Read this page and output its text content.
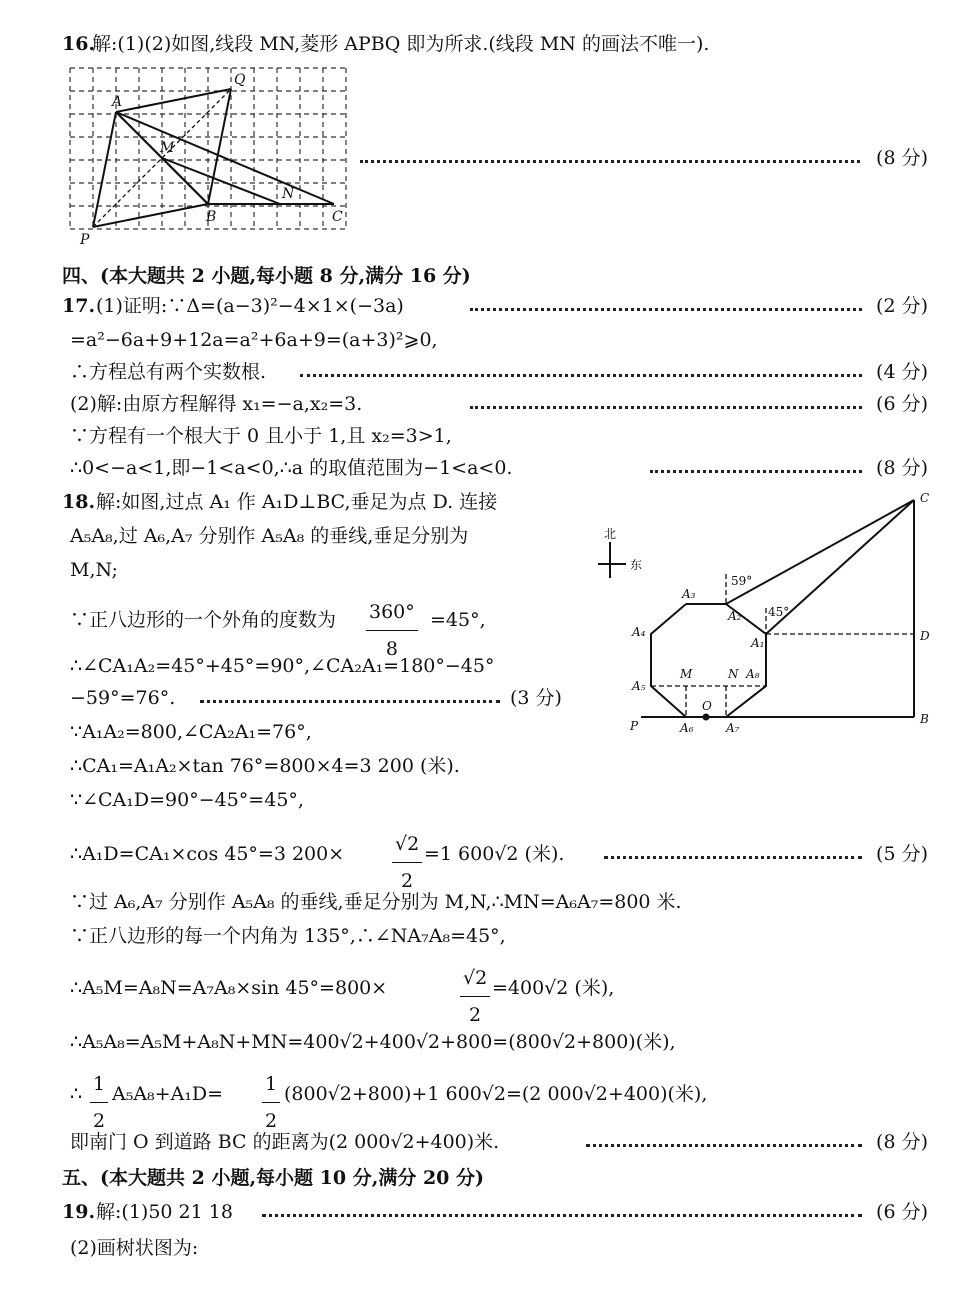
16.
解:(1)(2)如图,线段 MN,菱形 APBQ 即为所求.(线段 MN 的画法不唯一).
A
Q
M
N
B	C
P
(8 分)
四、(本大题共 2 小题,每小题 8 分,满分 16 分)
17. (1)证明:∵Δ=(a−3)²−4×1×(−3a)	(2 分)
=a²−6a+9+12a=a²+6a+9=(a+3)²⩾0,
∴方程总有两个实数根.	(4 分)
(2)解:由原方程解得 x₁=−a,x₂=3.	(6 分)
∵方程有一个根大于 0 且小于 1,且 x₂=3>1,
∴0<−a<1,即−1<a<0,∴a 的取值范围为−1<a<0.	(8 分)
北
东
59°
45°
C
A₁
A₂
A₃
A₄
A₅
A₆	A₇
A₈
M	N
O
D
B
P
18. 解:如图,过点 A₁ 作 A₁D⊥BC,垂足为点 D. 连接
A₅A₈,过 A₆,A₇ 分别作 A₅A₈ 的垂线,垂足分别为
M,N;
∵正八边形的一个外角的度数为 $\frac{360^\circ}{8} =45^\circ$,
∴∠CA₁A₂=45°+45°=90°,∠CA₂A₁=180°−45°
−59°=76°.	(3 分)
∵A₁A₂=800,∠CA₂A₁=76°,
∴CA₁=A₁A₂×tan 76°=800×4=3 200 (米).
∵∠CA₁D=90°−45°=45°,
∴A₁D=CA₁×cos 45°=3 200×	$\frac{√2}{2} =1$ 600√2 (米).	(5 分)
∵过 A₆,A₇ 分别作 A₅A₈ 的垂线,垂足分别为 M,N,∴MN=A₆A₇=800 米.
∵正八边形的每一个内角为 135°,∴∠NA₇A₈=45°,
∴A₅M=A₈N=A₇A₈×sin 45°=800×	$\frac{√2}{2} =400√2$ (米),
∴A₅A₈=A₅M+A₈N+MN=400√2+400√2+800=(800√2+800)(米),
∴ $\frac{1}{2} A_5A_8+A_1D= \frac{1}{2} (800√2+800)+1$ 600√2=(2 000√2+400)(米),
即南门 O 到道路 BC 的距离为(2 000√2+400)米.	(8 分)
五、(本大题共 2 小题,每小题 10 分,满分 20 分)
19. 解:(1)50 21 18	(6 分)
(2)画树状图为:
